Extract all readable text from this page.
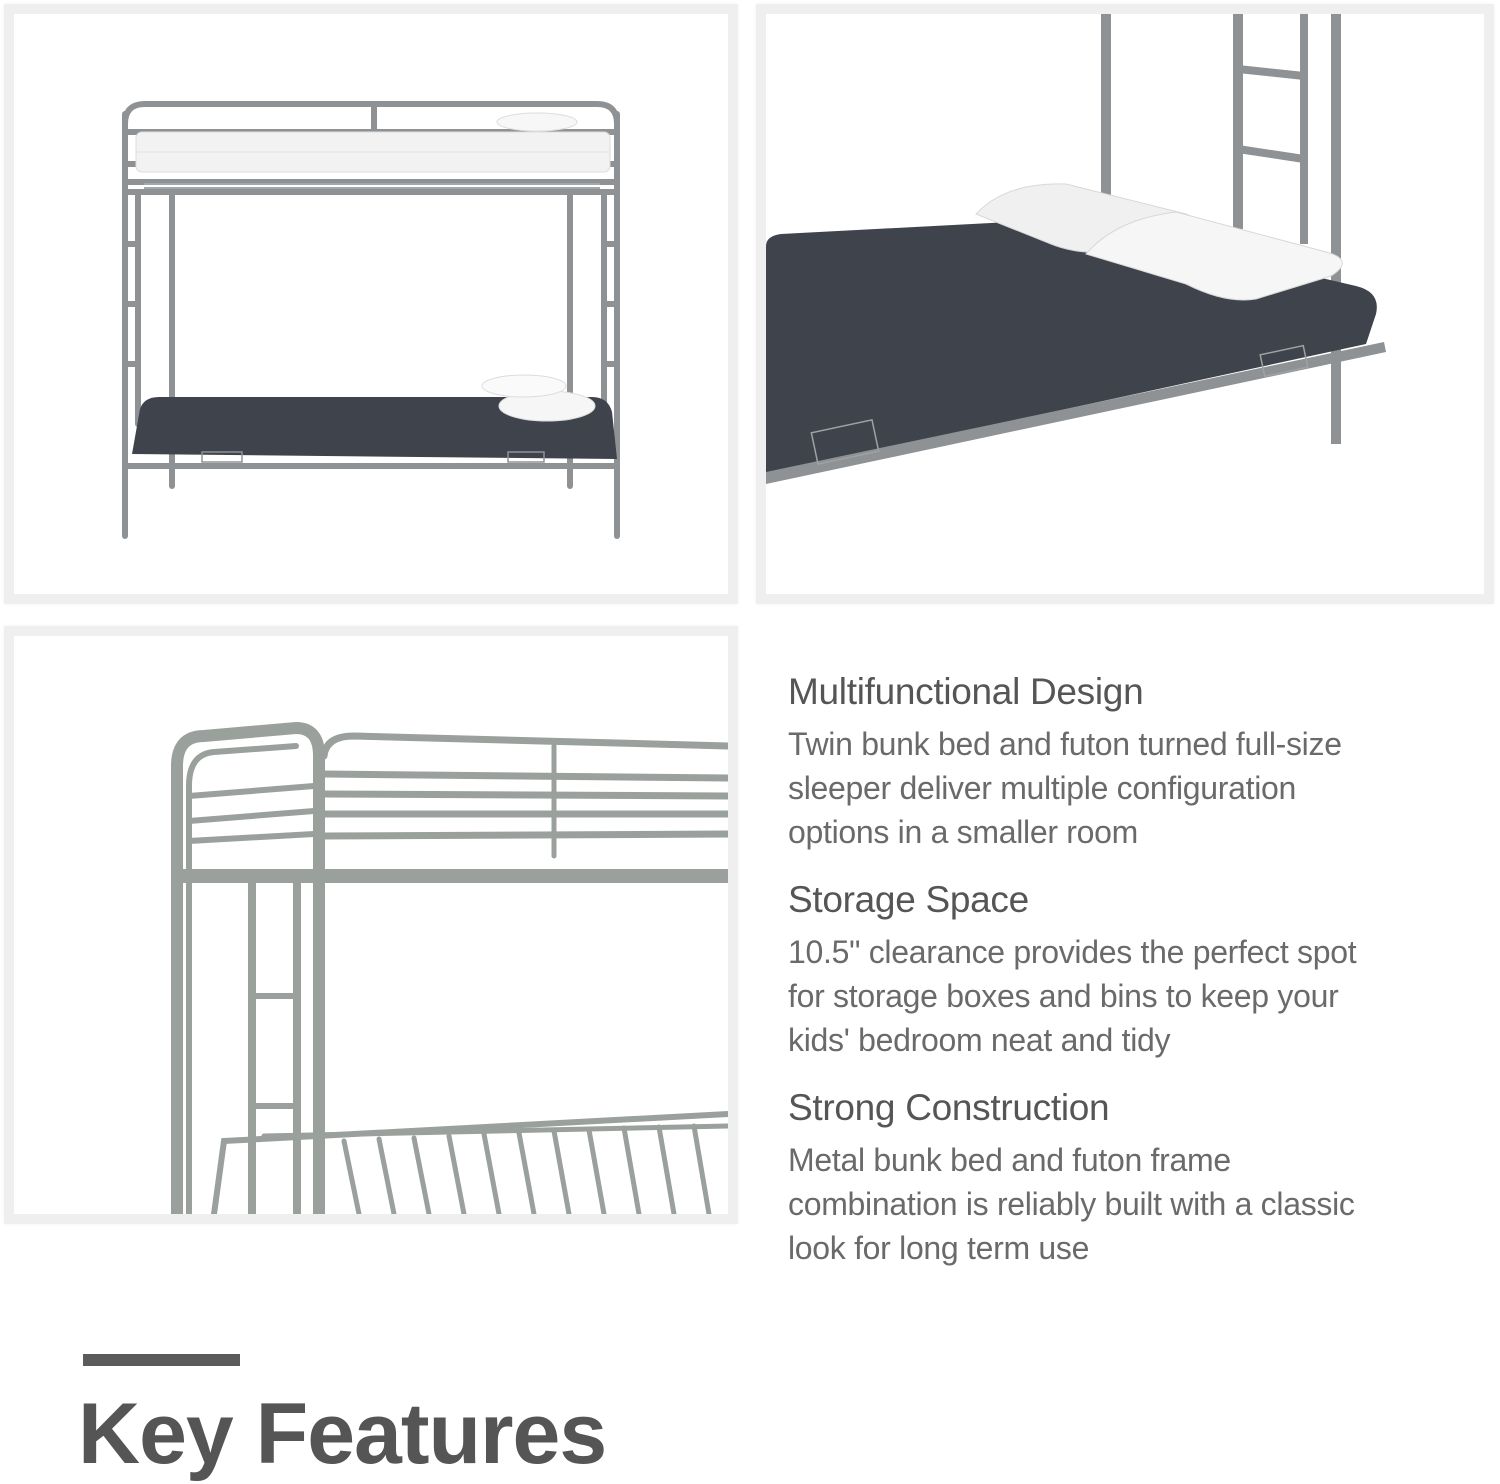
Multifunctional Design

Twin bunk bed and futon turned full-size
sleeper deliver multiple configuration
options in a smaller room

Storage Space

10.5" clearance provides the perfect spot
for storage boxes and bins to keep your
kids' bedroom neat and tidy

Strong Construction

Metal bunk bed and futon frame
combination is reliably built with a classic
look for long term use

Key Features
